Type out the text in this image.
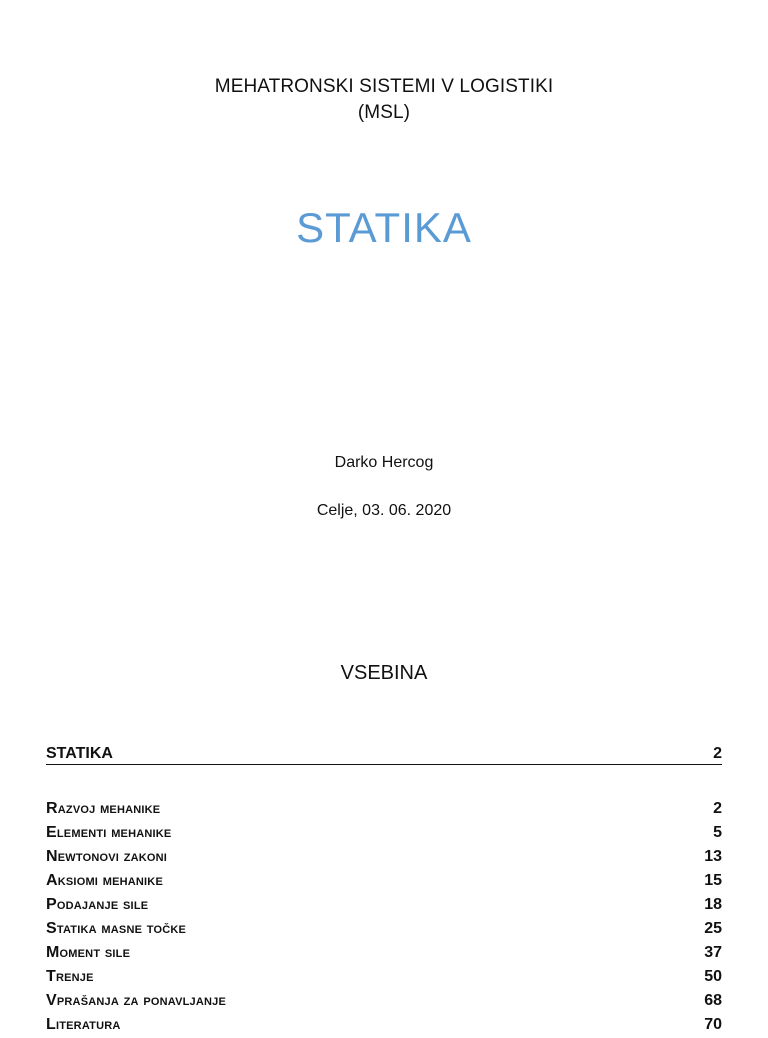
MEHATRONSKI SISTEMI V LOGISTIKI
(MSL)
STATIKA
Darko Hercog
Celje, 03. 06. 2020
VSEBINA
STATIKA	2
Razvoj mehanike	2
Elementi mehanike	5
Newtonovi zakoni	13
Aksiomi mehanike	15
Podajanje sile	18
Statika masne točke	25
Moment sile	37
Trenje	50
Vprašanja za ponavljanje	68
Literatura	70
